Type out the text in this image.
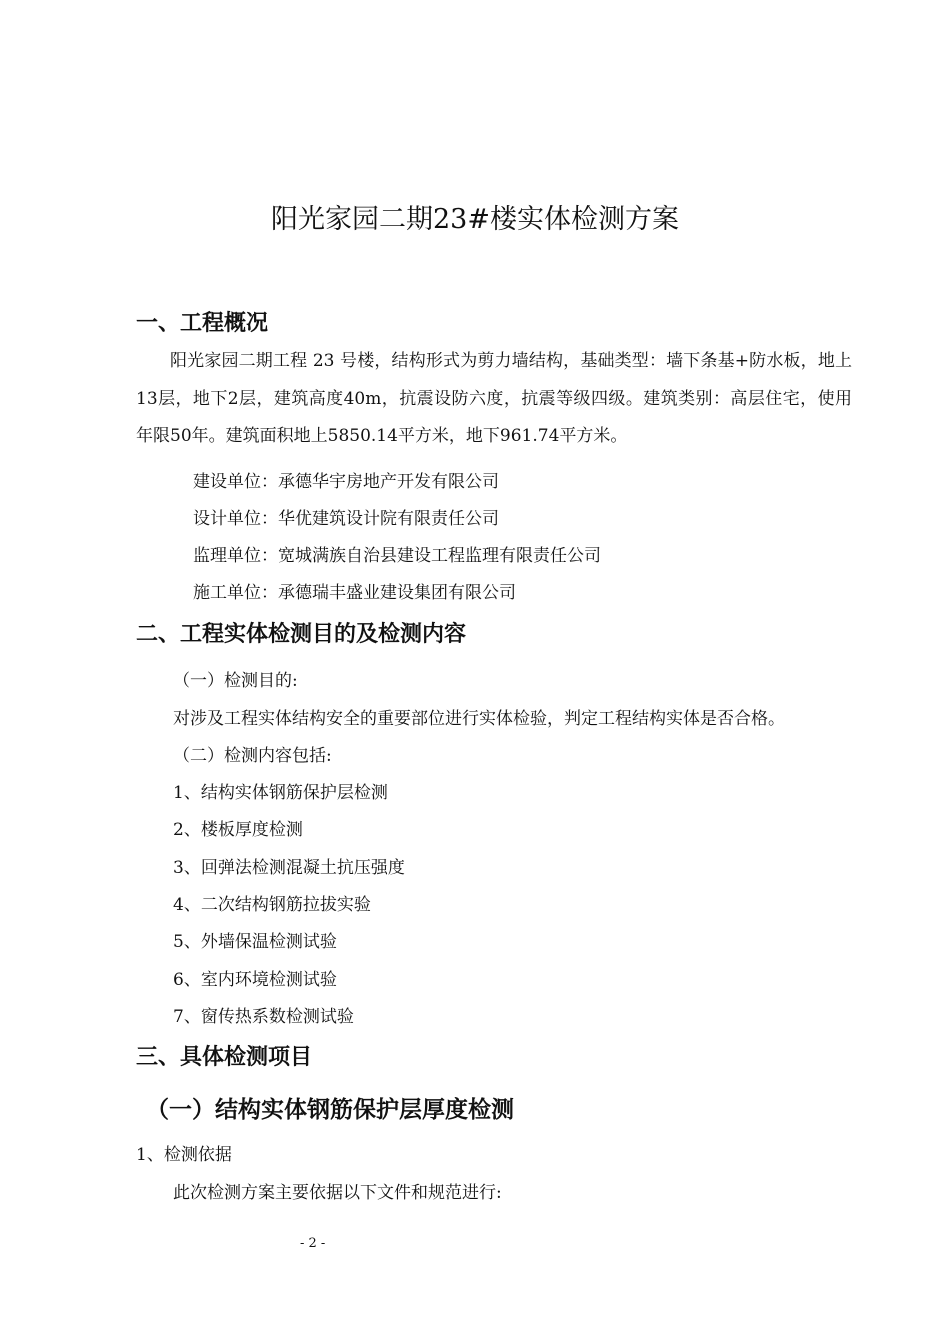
阳光家园二期23#楼实体检测方案
一、工程概况
阳光家园二期工程 23 号楼，结构形式为剪力墙结构，基础类型：墙下条基+防水板，地上13层，地下2层，建筑高度40m，抗震设防六度，抗震等级四级。建筑类别：高层住宅，使用年限50年。建筑面积地上5850.14平方米，地下961.74平方米。
建设单位：承德华宇房地产开发有限公司
设计单位：华优建筑设计院有限责任公司
监理单位：宽城满族自治县建设工程监理有限责任公司
施工单位：承德瑞丰盛业建设集团有限公司
二、工程实体检测目的及检测内容
（一）检测目的:
对涉及工程实体结构安全的重要部位进行实体检验，判定工程结构实体是否合格。
（二）检测内容包括:
1、结构实体钢筋保护层检测
2、楼板厚度检测
3、回弹法检测混凝土抗压强度
4、二次结构钢筋拉拔实验
5、外墙保温检测试验
6、室内环境检测试验
7、窗传热系数检测试验
三、具体检测项目
（一）结构实体钢筋保护层厚度检测
1、检测依据
此次检测方案主要依据以下文件和规范进行:
- 2 -
